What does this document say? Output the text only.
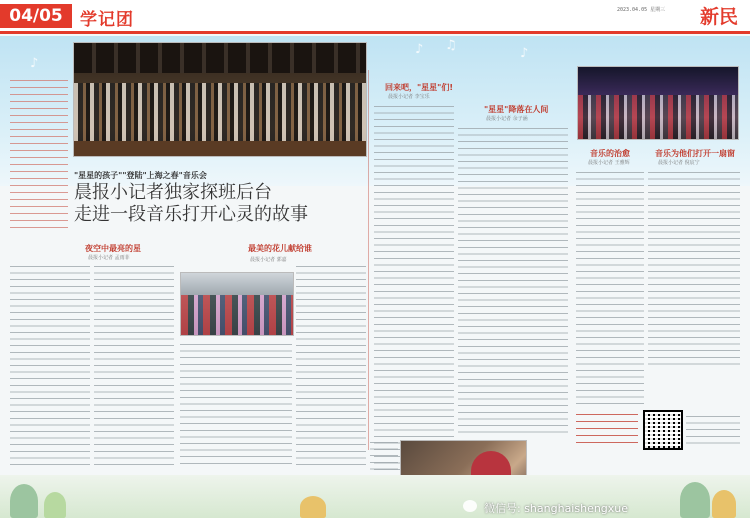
♪ ♫
♪
♪
04/05	学记团	2023.04.05 星期三	新民
"星星的孩子""登陆"上海之春"音乐会
晨报小记者独家探班后台
走进一段音乐打开心灵的故事
夜空中最亮的星
晨报小记者 孟雨菲
最美的花儿献给谁
晨报小记者 郭嘉
回来吧，"星星"们!
晨报小记者 李宝乐
"星星"降落在人间
晨报小记者 余子涵
音乐的治愈
晨报小记者 王雅辉
音乐为他们打开一扇窗
晨报小记者 倪宸宁
微信号: shanghaishengxue
